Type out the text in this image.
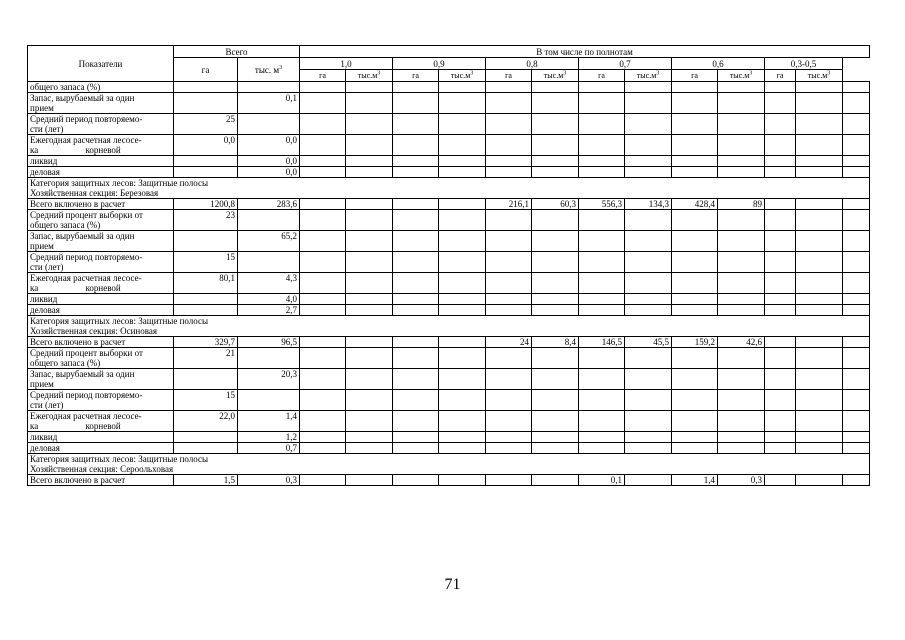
Показатели	Всего		В том числе по полнотам												
	га	тыс. $м^3$	1,0		0,9		0,8		0,7		0,6		0,3-0,5		
			га	$тыс.м^3$	га	$тыс.м^3$	га	$тыс.м^3$	га	$тыс.м^3$	га	$тыс.м^3$	га	$тыс.м^3$

общего запаса (%)															

Запас, вырубаемый за один
прием		0,1													

Средний период повторяемо-
сти (лет)	25														

Ежегодная расчетная лесосе-
ка                     корневой	0,0	0,0													

ликвид		0,0													

деловая		0,0													

Категория защитных лесов: Защитные полосы
Хозяйственная секция: Березовая															

Всего включено в расчет	1200,8	283,6					216,1	60,3	556,3	134,3	428,4	89			

Средний процент выборки от
общего запаса (%)	23														

Запас, вырубаемый за один
прием		65,2													

Средний период повторяемо-
сти (лет)	15														

Ежегодная расчетная лесосе-
ка                     корневой	80,1	4,3													

ликвид		4,0													

деловая		2,7													

Категория защитных лесов: Защитные полосы
Хозяйственная секция: Осиновая															

Всего включено в расчет	329,7	96,5					24	8,4	146,5	45,5	159,2	42,6			

Средний процент выборки от
общего запаса (%)	21														

Запас, вырубаемый за один
прием		20,3													

Средний период повторяемо-
сти (лет)	15														

Ежегодная расчетная лесосе-
ка                     корневой	22,0	1,4													

ликвид		1,2													

деловая		0,7													

Категория защитных лесов: Защитные полосы
Хозяйственная секция: Сероольховая															

Всего включено в расчет	1,5	0,3							0,1		1,4	0,3			
71
